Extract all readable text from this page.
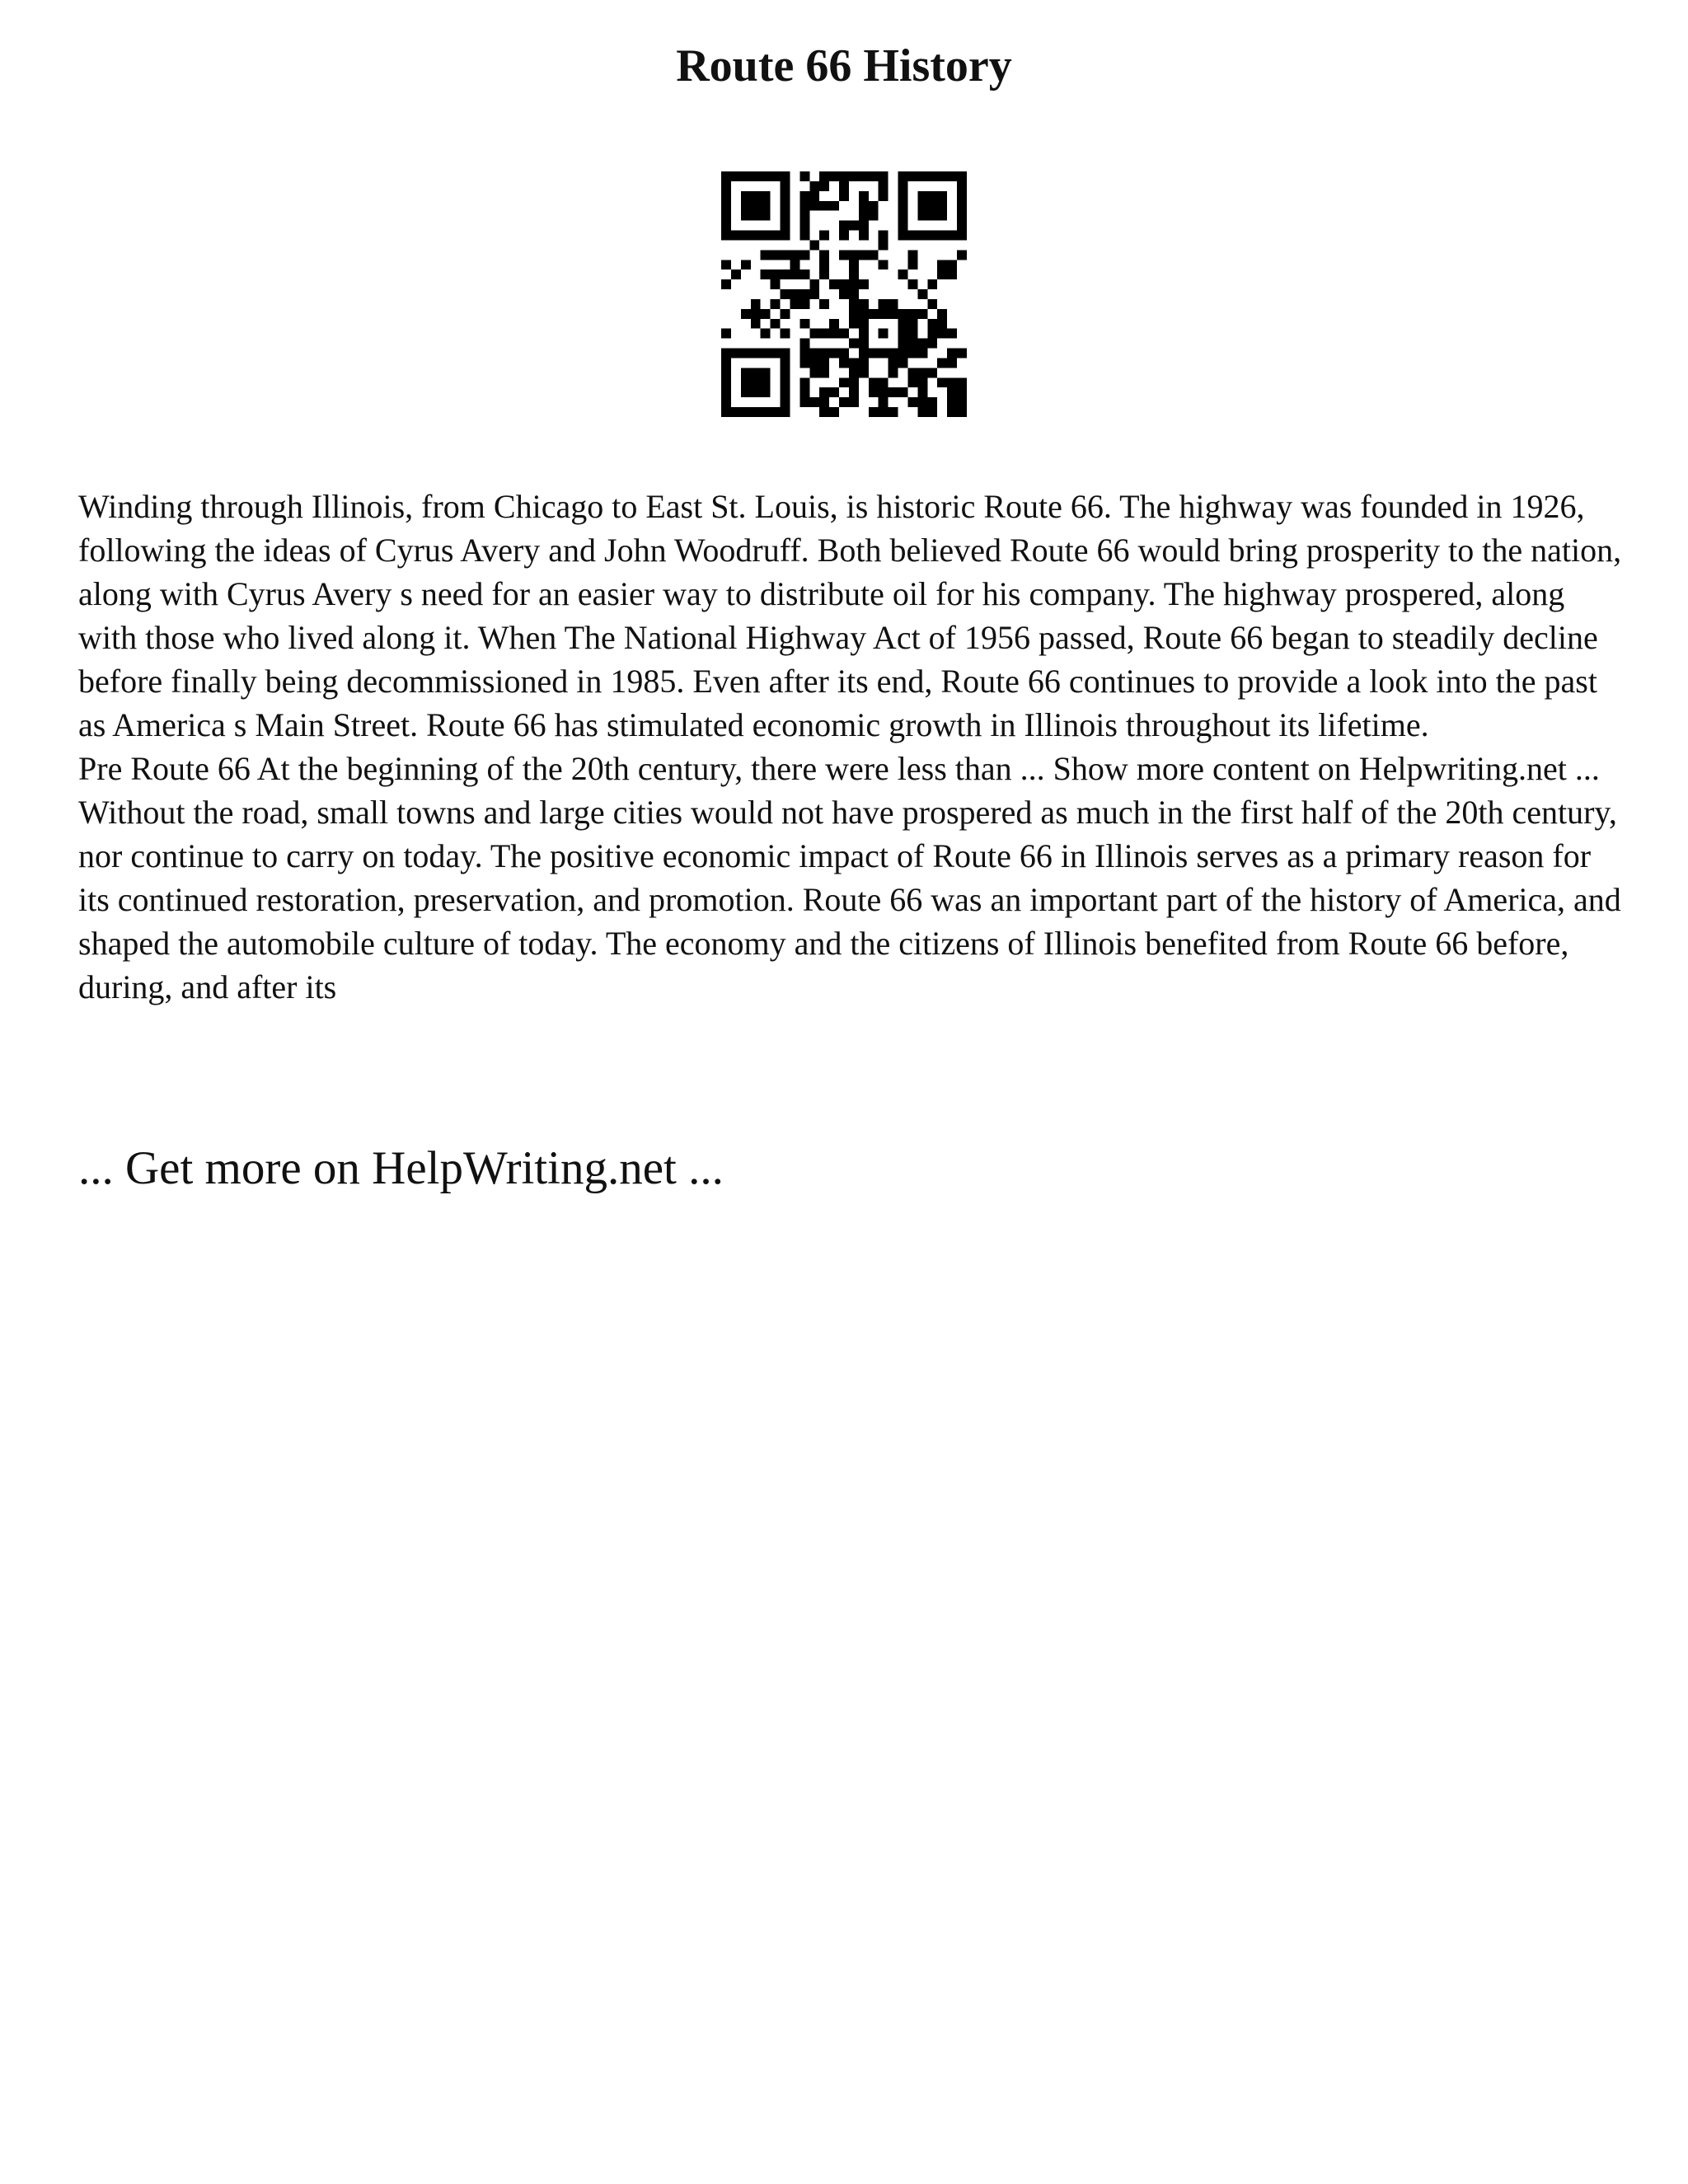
Route 66 History

Winding through Illinois, from Chicago to East St. Louis, is historic Route 66. The highway was founded in 1926, following the ideas of Cyrus Avery and John Woodruff. Both believed Route 66 would bring prosperity to the nation, along with Cyrus Avery s need for an easier way to distribute oil for his company. The highway prospered, along with those who lived along it. When The National Highway Act of 1956 passed, Route 66 began to steadily decline before finally being decommissioned in 1985. Even after its end, Route 66 continues to provide a look into the past as America s Main Street. Route 66 has stimulated economic growth in Illinois throughout its lifetime.

Pre Route 66 At the beginning of the 20th century, there were less than ... Show more content on Helpwriting.net ...

Without the road, small towns and large cities would not have prospered as much in the first half of the 20th century, nor continue to carry on today. The positive economic impact of Route 66 in Illinois serves as a primary reason for its continued restoration, preservation, and promotion. Route 66 was an important part of the history of America, and shaped the automobile culture of today. The economy and the citizens of Illinois benefited from Route 66 before, during, and after its

... Get more on HelpWriting.net ...
